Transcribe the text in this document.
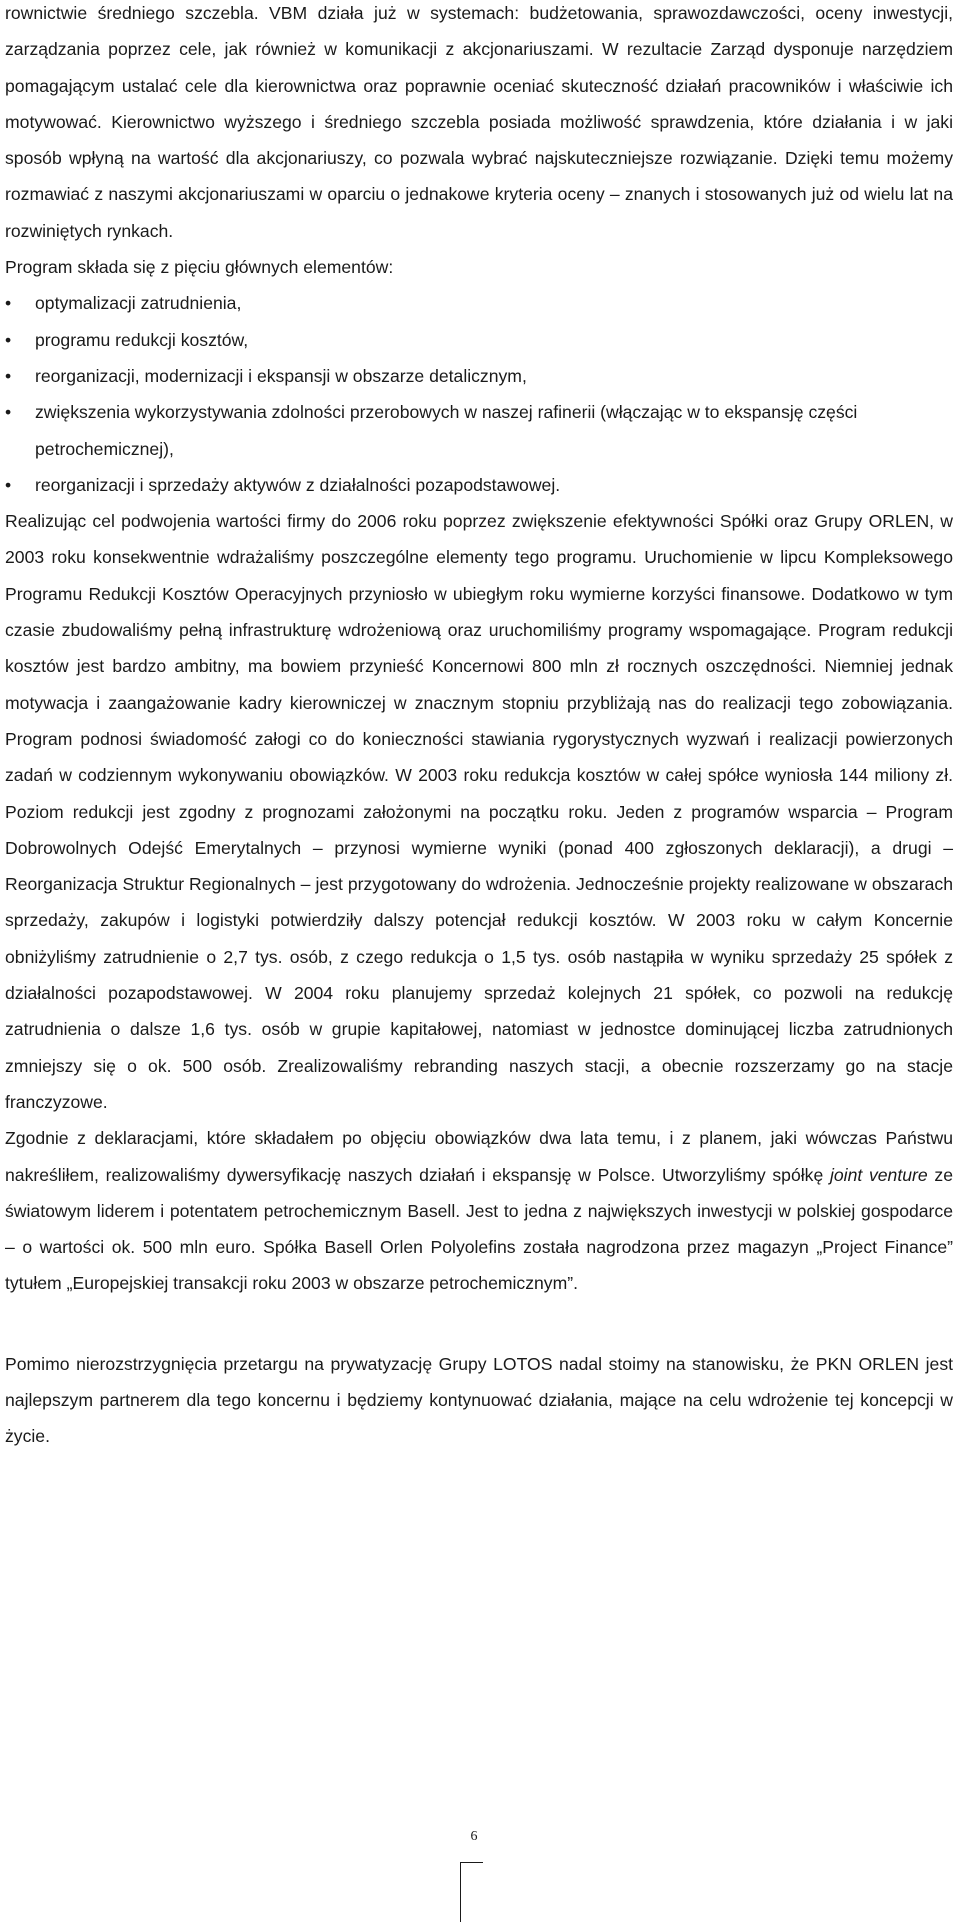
rownictwie średniego szczebla. VBM działa już w systemach: budżetowania, sprawozdawczości, oceny inwestycji, zarządzania poprzez cele, jak również w komunikacji z akcjonariuszami. W rezultacie Zarząd dysponuje narzędziem pomagającym ustalać cele dla kierownictwa oraz poprawnie oceniać skuteczność działań pracowników i właściwie ich motywować. Kierownictwo wyższego i średniego szczebla posiada możliwość sprawdzenia, które działania i w jaki sposób wpłyną na wartość dla akcjonariuszy, co pozwala wybrać najskuteczniejsze rozwiązanie. Dzięki temu możemy rozmawiać z naszymi akcjonariuszami w oparciu o jednakowe kryteria oceny – znanych i stosowanych już od wielu lat na rozwiniętych rynkach.

Program składa się z pięciu głównych elementów:

• optymalizacji zatrudnienia,

• programu redukcji kosztów,

• reorganizacji, modernizacji i ekspansji w obszarze detalicznym,

• zwiększenia wykorzystywania zdolności przerobowych w naszej rafinerii (włączając w to ekspansję części petrochemicznej),

• reorganizacji i sprzedaży aktywów z działalności pozapodstawowej.

Realizując cel podwojenia wartości firmy do 2006 roku poprzez zwiększenie efektywności Spółki oraz Grupy ORLEN, w 2003 roku konsekwentnie wdrażaliśmy poszczególne elementy tego programu. Uruchomienie w lipcu Kompleksowego Programu Redukcji Kosztów Operacyjnych przyniosło w ubiegłym roku wymierne korzyści finansowe. Dodatkowo w tym czasie zbudowaliśmy pełną infrastrukturę wdrożeniową oraz uruchomiliśmy programy wspomagające. Program redukcji kosztów jest bardzo ambitny, ma bowiem przynieść Koncernowi 800 mln zł rocznych oszczędności. Niemniej jednak motywacja i zaangażowanie kadry kierowniczej w znacznym stopniu przybliżają nas do realizacji tego zobowiązania. Program podnosi świadomość załogi co do konieczności stawiania rygorystycznych wyzwań i realizacji powierzonych zadań w codziennym wykonywaniu obowiązków. W 2003 roku redukcja kosztów w całej spółce wyniosła 144 miliony zł. Poziom redukcji jest zgodny z prognozami założonymi na początku roku. Jeden z programów wsparcia – Program Dobrowolnych Odejść Emerytalnych – przynosi wymierne wyniki (ponad 400 zgłoszonych deklaracji), a drugi – Reorganizacja Struktur Regionalnych – jest przygotowany do wdrożenia. Jednocześnie projekty realizowane w obszarach sprzedaży, zakupów i logistyki potwierdziły dalszy potencjał redukcji kosztów. W 2003 roku w całym Koncernie obniżyliśmy zatrudnienie o 2,7 tys. osób, z czego redukcja o 1,5 tys. osób nastąpiła w wyniku sprzedaży 25 spółek z działalności pozapodstawowej. W 2004 roku planujemy sprzedaż kolejnych 21 spółek, co pozwoli na redukcję zatrudnienia o dalsze 1,6 tys. osób w grupie kapitałowej, natomiast w jednostce dominującej liczba zatrudnionych zmniejszy się o ok. 500 osób. Zrealizowaliśmy rebranding naszych stacji, a obecnie rozszerzamy go na stacje franczyzowe.

Zgodnie z deklaracjami, które składałem po objęciu obowiązków dwa lata temu, i z planem, jaki wówczas Państwu nakreśliłem, realizowaliśmy dywersyfikację naszych działań i ekspansję w Polsce. Utworzyliśmy spółkę joint venture ze światowym liderem i potentatem petrochemicznym Basell. Jest to jedna z największych inwestycji w polskiej gospodarce – o wartości ok. 500 mln euro. Spółka Basell Orlen Polyolefins została nagrodzona przez magazyn „Project Finance” tytułem „Europejskiej transakcji roku 2003 w obszarze petrochemicznym”.

Pomimo nierozstrzygnięcia przetargu na prywatyzację Grupy LOTOS nadal stoimy na stanowisku, że PKN ORLEN jest najlepszym partnerem dla tego koncernu i będziemy kontynuować działania, mające na celu wdrożenie tej koncepcji w życie.

6
